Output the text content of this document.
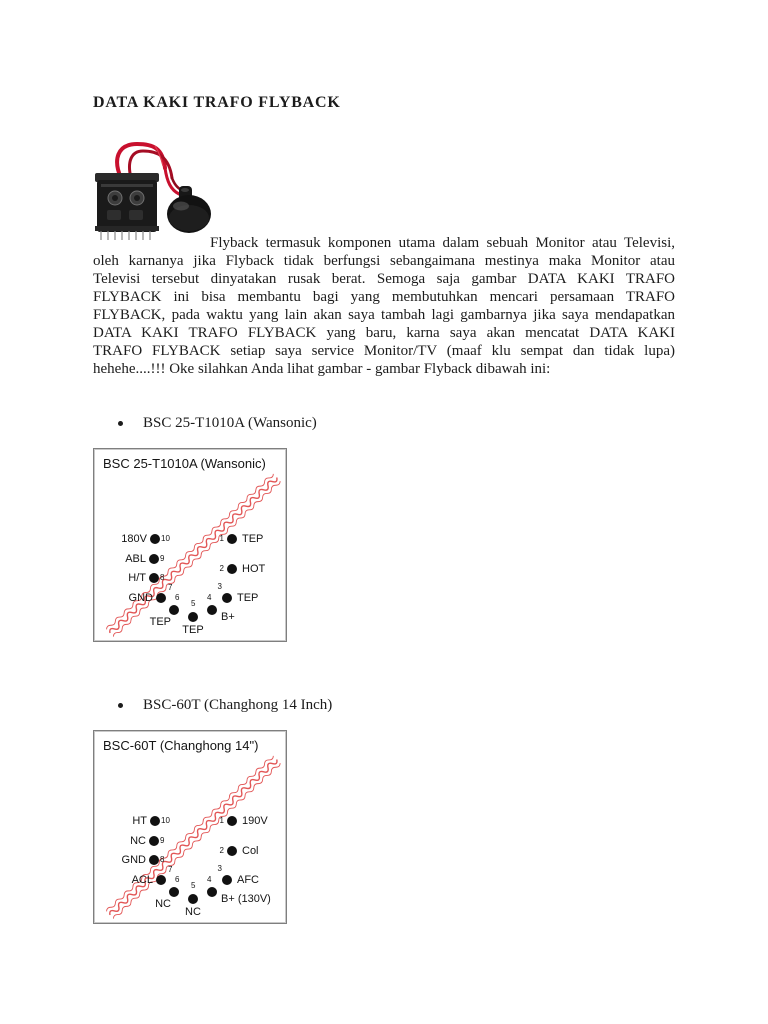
DATA KAKI TRAFO FLYBACK
Flyback termasuk komponen utama dalam sebuah Monitor atau Televisi,
oleh karnanya jika Flyback tidak berfungsi sebangaimana mestinya maka Monitor atau
Televisi tersebut dinyatakan rusak berat. Semoga saja gambar DATA KAKI TRAFO
FLYBACK ini bisa membantu bagi yang membutuhkan mencari persamaan TRAFO
FLYBACK, pada waktu yang lain akan saya tambah lagi gambarnya jika saya mendapatkan
DATA KAKI TRAFO FLYBACK yang baru, karna saya akan mencatat DATA KAKI
TRAFO FLYBACK setiap saya service Monitor/TV (maaf klu sempat dan tidak lupa)
hehehe....!!! Oke silahkan Anda lihat gambar - gambar Flyback dibawah ini:
BSC 25-T1010A (Wansonic)
BSC 25-T1010A (Wansonic)
1 TEP
2 HOT
3
TEP
4
B+
5
TEP
6
TEP
7
GND
8
H/T
9
ABL
10
180V
BSC-60T (Changhong 14 Inch)
BSC-60T (Changhong 14")
1 190V
2 Col
3
AFC
4
B+ (130V)
5
NC
6
NC
7
ACL
8
GND
9
NC
10
HT
